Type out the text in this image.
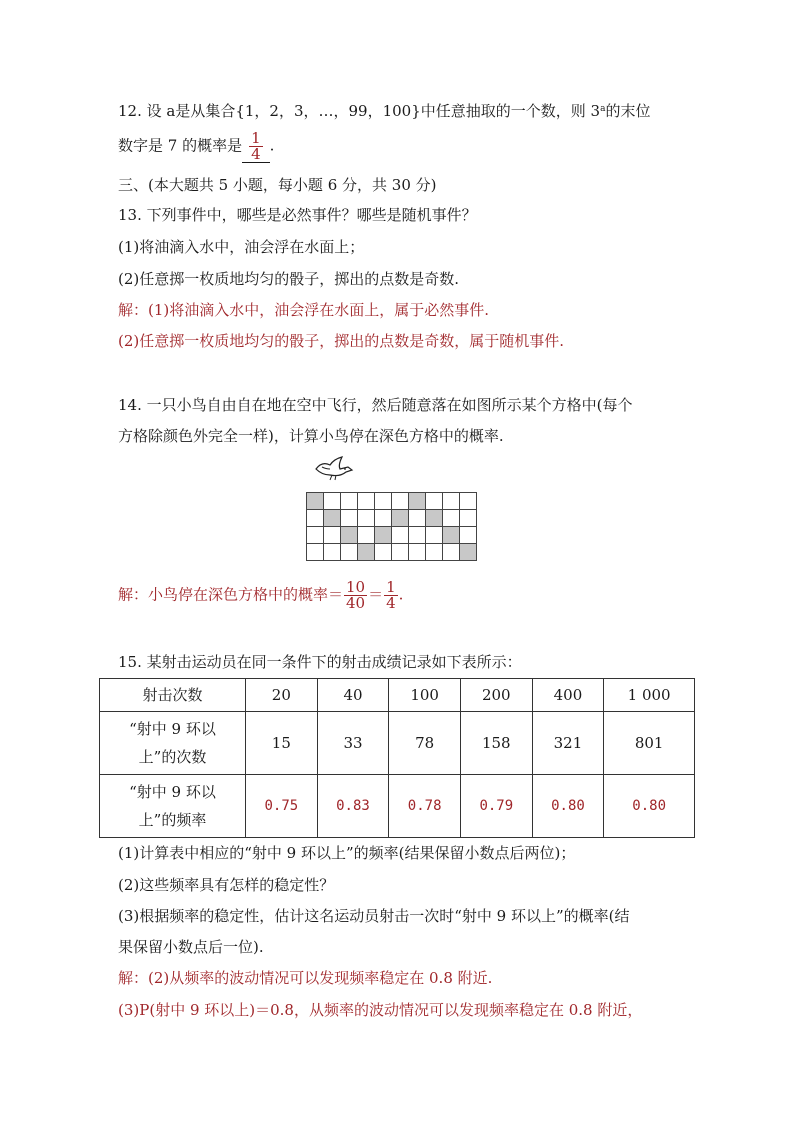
12. 设 a是从集合{1，2，3，…，99，100}中任意抽取的一个数，则 3$^a$的末位
数字是 7 的概率是 $\frac{1}{4}$ .
三、(本大题共 5 小题，每小题 6 分，共 30 分)
13. 下列事件中，哪些是必然事件？哪些是随机事件？
(1)将油滴入水中，油会浮在水面上；
(2)任意掷一枚质地均匀的骰子，掷出的点数是奇数.
解：(1)将油滴入水中，油会浮在水面上，属于必然事件.
(2)任意掷一枚质地均匀的骰子，掷出的点数是奇数，属于随机事件.
14. 一只小鸟自由自在地在空中飞行，然后随意落在如图所示某个方格中(每个
方格除颜色外完全一样)，计算小鸟停在深色方格中的概率.

解：小鸟停在深色方格中的概率＝ $\frac{10}{40} = \frac{1}{4}$ .
15. 某射击运动员在同一条件下的射击成绩记录如下表所示：
射击次数	20	40	100	200	400	1 000
“射中 9 环以
上”的次数	15	33	78	158	321	801
“射中 9 环以
上”的频率	0.75	0.83	0.78	0.79	0.80	0.80
(1)计算表中相应的“射中 9 环以上”的频率(结果保留小数点后两位)；
(2)这些频率具有怎样的稳定性？
(3)根据频率的稳定性，估计这名运动员射击一次时“射中 9 环以上”的概率(结
果保留小数点后一位).
解：(2)从频率的波动情况可以发现频率稳定在 0.8 附近.
(3)P(射中 9 环以上)＝0.8，从频率的波动情况可以发现频率稳定在 0.8 附近，
